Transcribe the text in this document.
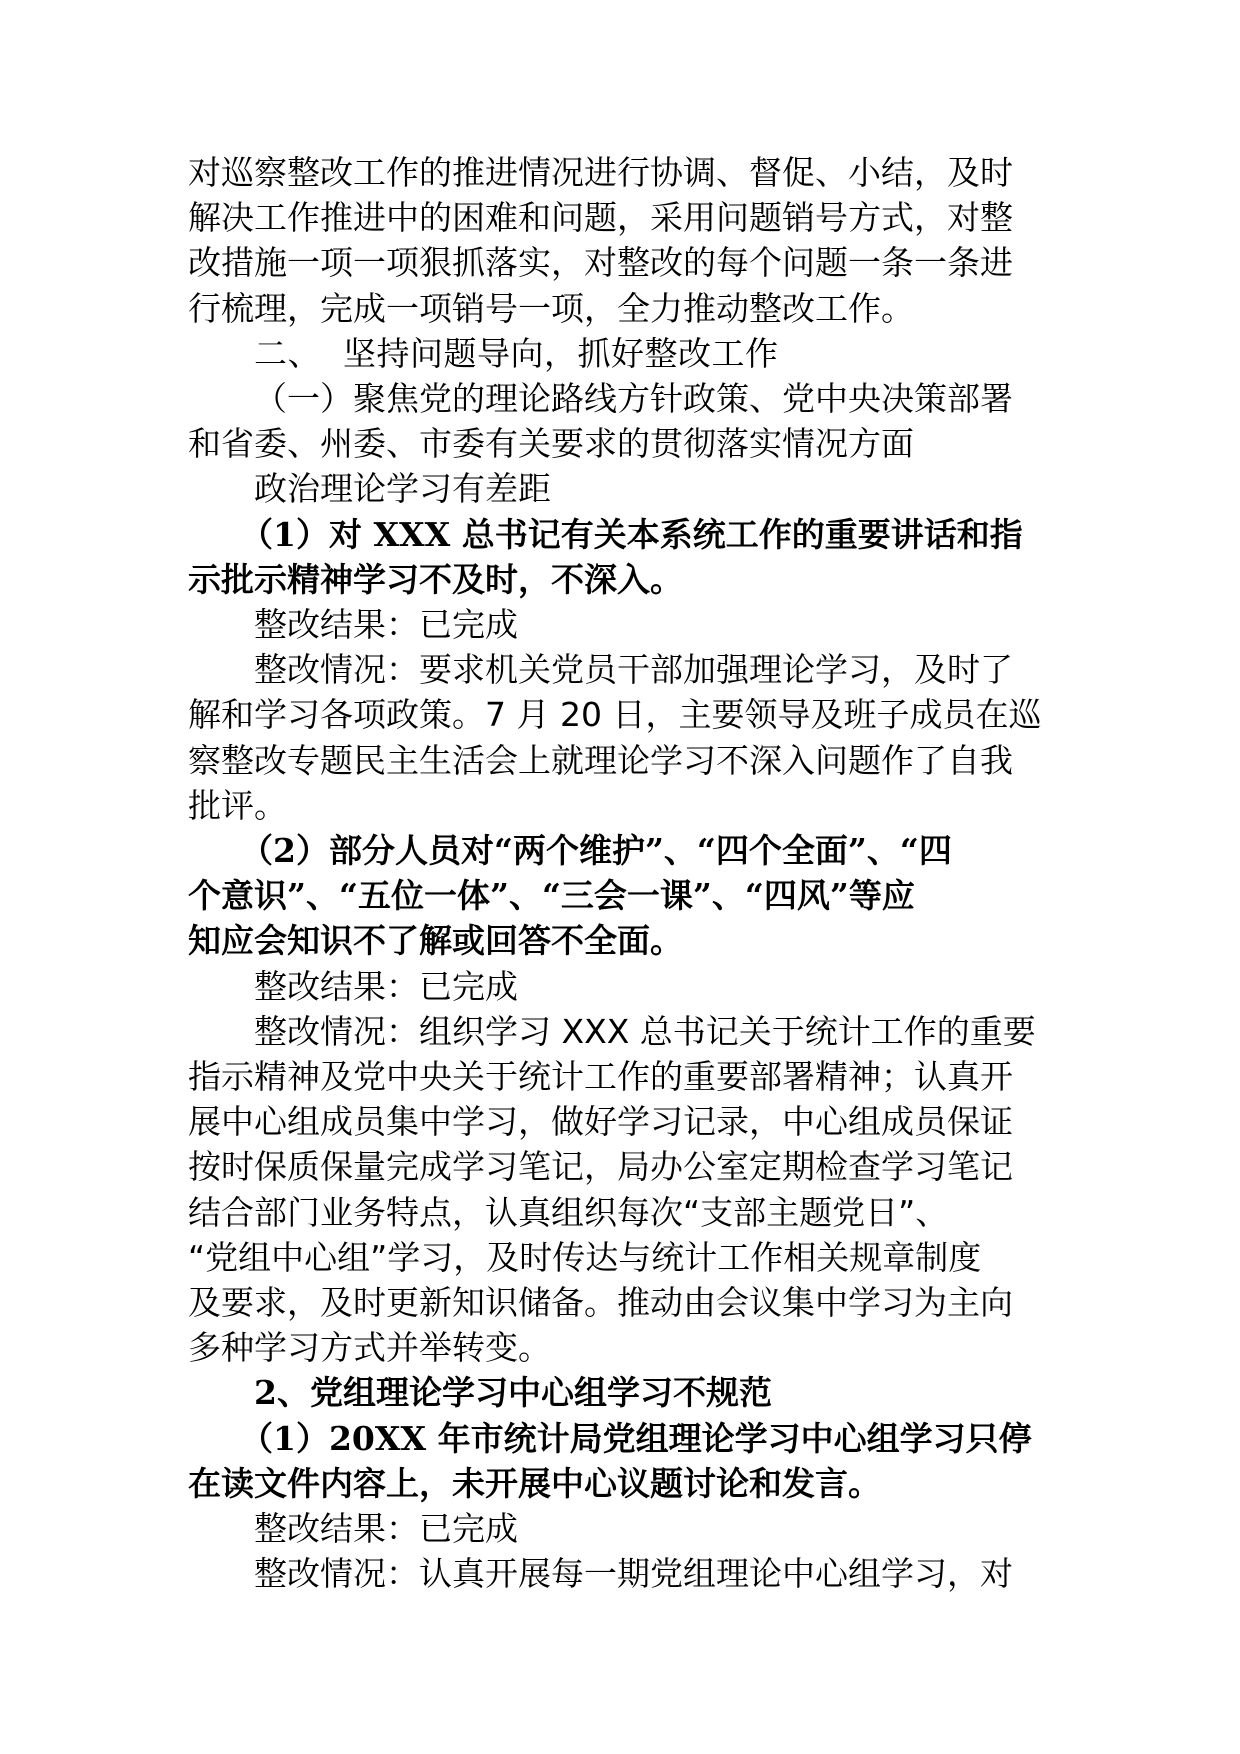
对巡察整改工作的推进情况进行协调、督促、小结，及时
解决工作推进中的困难和问题，采用问题销号方式，对整
改措施一项一项狠抓落实，对整改的每个问题一条一条进
行梳理，完成一项销号一项，全力推动整改工作。

二、  坚持问题导向，抓好整改工作

（一）聚焦党的理论路线方针政策、党中央决策部署
和省委、州委、市委有关要求的贯彻落实情况方面

政治理论学习有差距

（1）对 XXX 总书记有关本系统工作的重要讲话和指
示批示精神学习不及时，不深入。

整改结果：已完成

整改情况：要求机关党员干部加强理论学习，及时了
解和学习各项政策。7 月 20 日，主要领导及班子成员在巡
察整改专题民主生活会上就理论学习不深入问题作了自我
批评。

（2）部分人员对“两个维护”、“四个全面”、“四
个意识”、“五位一体”、“三会一课”、“四风”等应
知应会知识不了解或回答不全面。

整改结果：已完成

整改情况：组织学习 XXX 总书记关于统计工作的重要
指示精神及党中央关于统计工作的重要部署精神；认真开
展中心组成员集中学习，做好学习记录，中心组成员保证
按时保质保量完成学习笔记，局办公室定期检查学习笔记
结合部门业务特点，认真组织每次“支部主题党日”、
“党组中心组”学习，及时传达与统计工作相关规章制度
及要求，及时更新知识储备。推动由会议集中学习为主向
多种学习方式并举转变。

2、党组理论学习中心组学习不规范

（1）20XX 年市统计局党组理论学习中心组学习只停
在读文件内容上，未开展中心议题讨论和发言。

整改结果：已完成

整改情况：认真开展每一期党组理论中心组学习，对
